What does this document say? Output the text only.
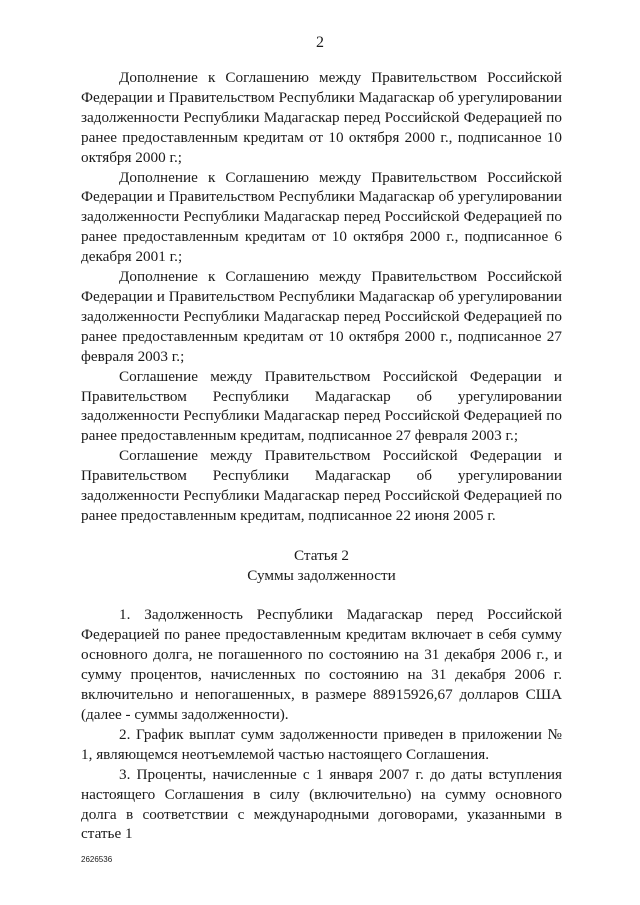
2

Дополнение к Соглашению между Правительством Российской Федерации и Правительством Республики Мадагаскар об урегулировании задолженности Республики Мадагаскар перед Российской Федерацией по ранее предоставленным кредитам от 10 октября 2000 г., подписанное 10 октября 2000 г.;

Дополнение к Соглашению между Правительством Российской Федерации и Правительством Республики Мадагаскар об урегулировании задолженности Республики Мадагаскар перед Российской Федерацией по ранее предоставленным кредитам от 10 октября 2000 г., подписанное 6 декабря 2001 г.;

Дополнение к Соглашению между Правительством Российской Федерации и Правительством Республики Мадагаскар об урегулировании задолженности Республики Мадагаскар перед Российской Федерацией по ранее предоставленным кредитам от 10 октября 2000 г., подписанное 27 февраля 2003 г.;

Соглашение между Правительством Российской Федерации и Правительством Республики Мадагаскар об урегулировании задолженности Республики Мадагаскар перед Российской Федерацией по ранее предоставленным кредитам, подписанное 27 февраля 2003 г.;

Соглашение между Правительством Российской Федерации и Правительством Республики Мадагаскар об урегулировании задолженности Республики Мадагаскар перед Российской Федерацией по ранее предоставленным кредитам, подписанное 22 июня 2005 г.

Статья 2

Суммы задолженности

1. Задолженность Республики Мадагаскар перед Российской Федерацией по ранее предоставленным кредитам включает в себя сумму основного долга, не погашенного по состоянию на 31 декабря 2006 г., и сумму процентов, начисленных по состоянию на 31 декабря 2006 г. включительно и непогашенных, в размере 88915926,67 долларов США (далее - суммы задолженности).

2. График выплат сумм задолженности приведен в приложении № 1, являющемся неотъемлемой частью настоящего Соглашения.

3. Проценты, начисленные с 1 января 2007 г. до даты вступления настоящего Соглашения в силу (включительно) на сумму основного долга в соответствии с международными договорами, указанными в статье 1

2626536
